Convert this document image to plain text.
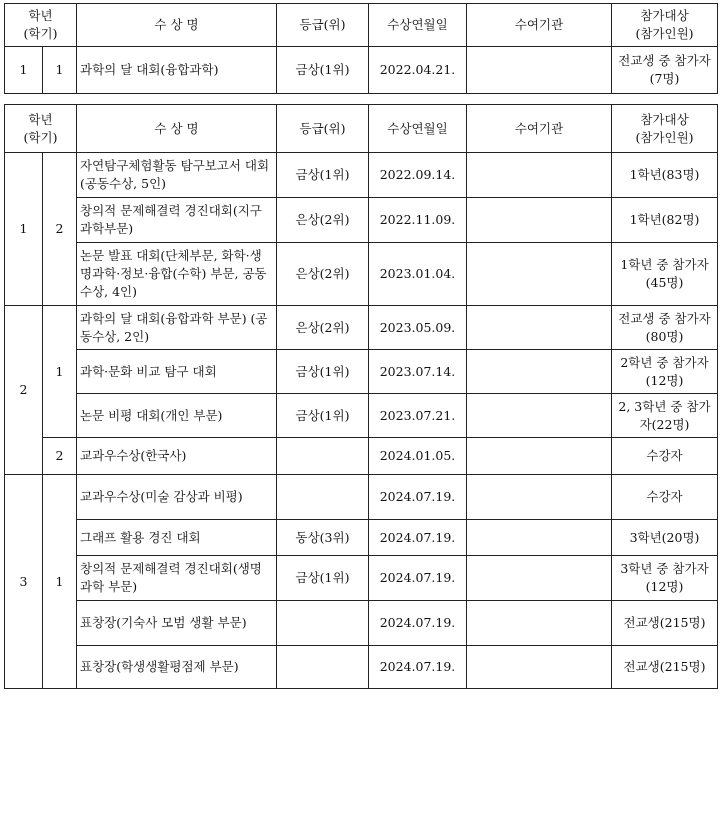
학년
(학기)		수 상 명	등급(위)	수상연월일	수여기관	참가대상
(참가인원)

1	1	과학의 달 대회(융합과학)	금상(1위)	2022.04.21.		전교생 중 참가자
(7명)
학년
(학기)		수 상 명	등급(위)	수상연월일	수여기관	참가대상
(참가인원)

1	2	자연탐구체험활동 탐구보고서 대회(공동수상, 5인)	금상(1위)	2022.09.14.		1학년(83명)
		창의적 문제해결력 경진대회(지구과학부문)	은상(2위)	2022.11.09.		1학년(82명)
		논문 발표 대회(단체부문, 화학·생명과학·정보·융합(수학) 부문, 공동수상, 4인)	은상(2위)	2023.01.04.		1학년 중 참가자
(45명)
2	1	과학의 달 대회(융합과학 부문) (공동수상, 2인)	은상(2위)	2023.05.09.		전교생 중 참가자
(80명)
		과학·문화 비교 탐구 대회	금상(1위)	2023.07.14.		2학년 중 참가자
(12명)
		논문 비평 대회(개인 부문)	금상(1위)	2023.07.21.		2, 3학년 중 참가자(22명)
	2	교과우수상(한국사)		2024.01.05.		수강자
3	1	교과우수상(미술 감상과 비평)		2024.07.19.		수강자
		그래프 활용 경진 대회	동상(3위)	2024.07.19.		3학년(20명)
		창의적 문제해결력 경진대회(생명과학 부문)	금상(1위)	2024.07.19.		3학년 중 참가자
(12명)
		표창장(기숙사 모범 생활 부문)		2024.07.19.		전교생(215명)
		표창장(학생생활평점제 부문)		2024.07.19.		전교생(215명)
